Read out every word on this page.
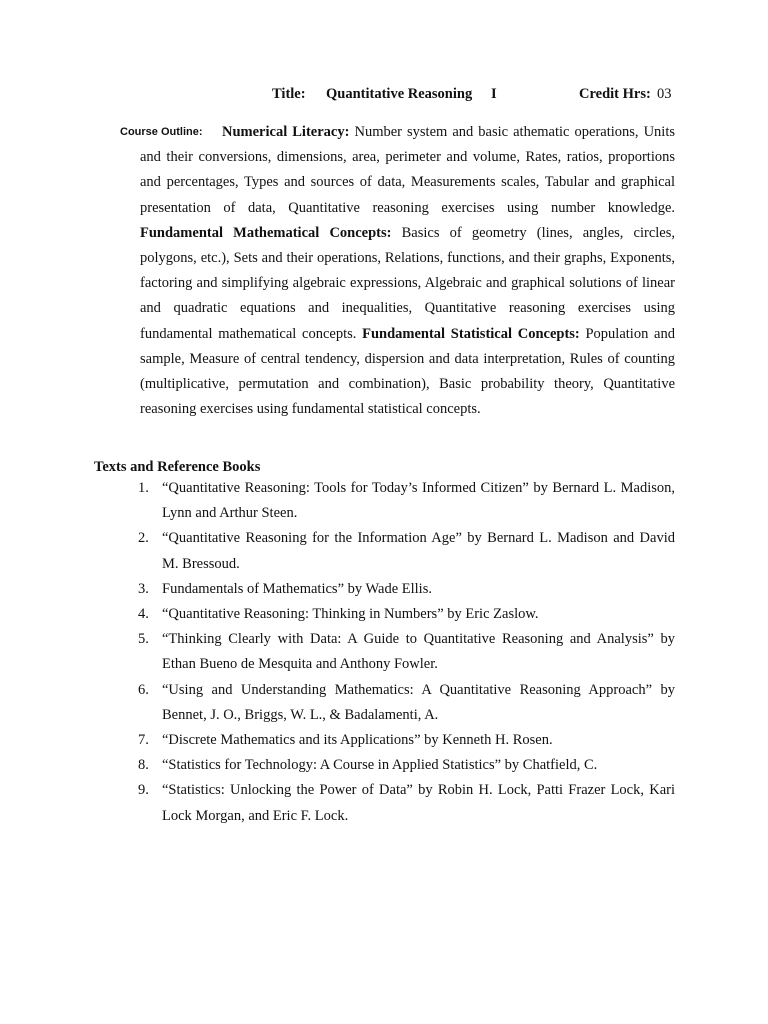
Title: Quantitative Reasoning I	Credit Hrs: 03
Course Outline: Numerical Literacy: Number system and basic athematic operations, Units and their conversions, dimensions, area, perimeter and volume, Rates, ratios, proportions and percentages, Types and sources of data, Measurements scales, Tabular and graphical presentation of data, Quantitative reasoning exercises using number knowledge. Fundamental Mathematical Concepts: Basics of geometry (lines, angles, circles, polygons, etc.), Sets and their operations, Relations, functions, and their graphs, Exponents, factoring and simplifying algebraic expressions, Algebraic and graphical solutions of linear and quadratic equations and inequalities, Quantitative reasoning exercises using fundamental mathematical concepts. Fundamental Statistical Concepts: Population and sample, Measure of central tendency, dispersion and data interpretation, Rules of counting (multiplicative, permutation and combination), Basic probability theory, Quantitative reasoning exercises using fundamental statistical concepts.
Texts and Reference Books
1. “Quantitative Reasoning: Tools for Today’s Informed Citizen” by Bernard L. Madison, Lynn and Arthur Steen.
2. “Quantitative Reasoning for the Information Age” by Bernard L. Madison and David M. Bressoud.
3. Fundamentals of Mathematics” by Wade Ellis.
4. “Quantitative Reasoning: Thinking in Numbers” by Eric Zaslow.
5. “Thinking Clearly with Data: A Guide to Quantitative Reasoning and Analysis” by Ethan Bueno de Mesquita and Anthony Fowler.
6. “Using and Understanding Mathematics: A Quantitative Reasoning Approach” by Bennet, J. O., Briggs, W. L., & Badalamenti, A.
7. “Discrete Mathematics and its Applications” by Kenneth H. Rosen.
8. “Statistics for Technology: A Course in Applied Statistics” by Chatfield, C.
9. “Statistics: Unlocking the Power of Data” by Robin H. Lock, Patti Frazer Lock, Kari Lock Morgan, and Eric F. Lock.
